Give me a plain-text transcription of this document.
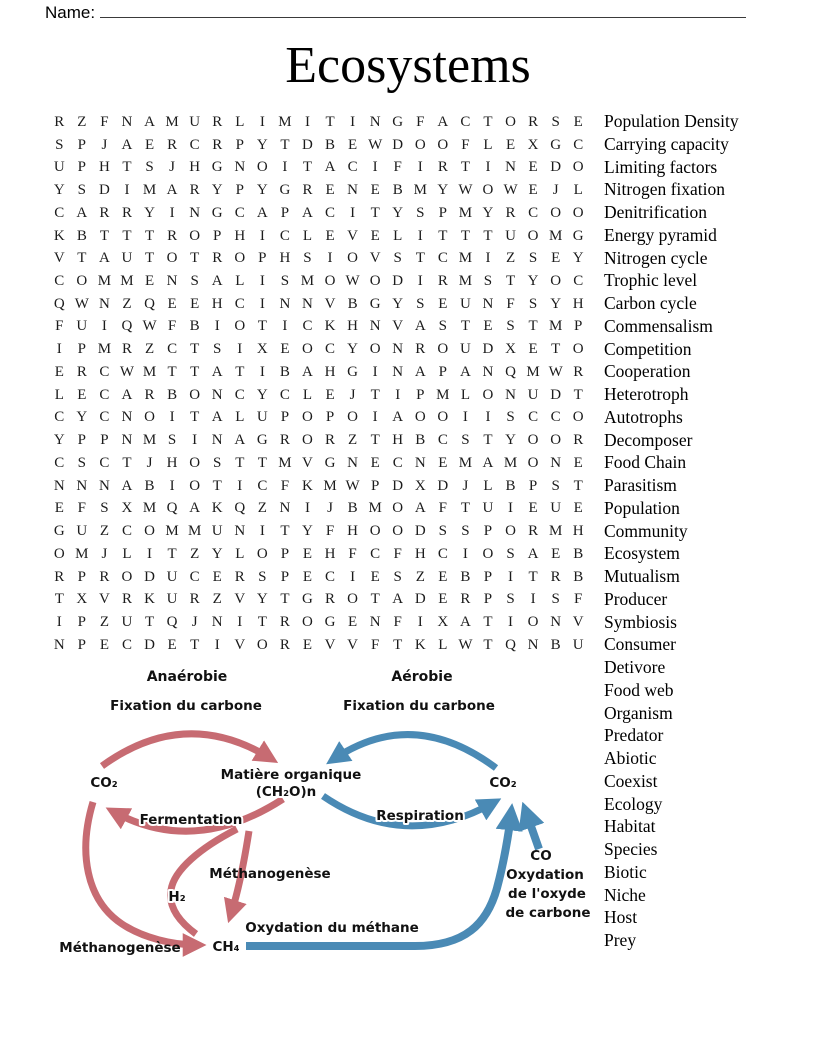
Name:
Ecosystems
R Z F N A M U R L	I M I	T	I N G F A C T O R S E
S P	J A E R C R P Y T D B E W D O O F L E X G C
U P H T S	J H G N O I	T A C	I	F	I	R T	I N E D O
Y S D I M A R Y P Y G R E N E B M Y W O W E	J	L
C A R R Y I N G C A P A C	I	T Y S P M Y R C O O
K B T T T R O P H I	C L E V E L	I	T T T U O M G
V T A U T O T R O P H S	I O V S T C M I	Z S E Y
C O M M E N S A L	I	S M O W O D I	R M S T Y O C
Q W N Z Q E E H C	I N N V B G Y S E U N F S Y H
F U I Q W F B	I O T	I	C K H N V A S T E S T M P
I	P M R Z C T S	I X E O C Y O N R O U D X E T O
E R C W M T T A T	I	B A H G I N A P A N Q M W R
L E C A R B O N C Y C L E	J	T	I	P M L O N U D T
C Y C N O I	T A L U P O P O I A O O I	I	S C C O
Y P P N M S	I N A G R O R Z T H B C S T Y O O R
C S C T	J H O S T T M V G N E C N E M A M O N E
N N N A B	I O T	I	C F K M W P D X D J	L B P S T
E F S X M Q A K Q Z N I	J B M O A F T U I	E U E
G U Z C O M M U N I	T Y F H O O D S S P O R M H
O M J	L	I	T Z Y L O P E H F C F H C	I O S A E B
R P R O D U C E R S P E C	I	E S Z E B P	I	T R B
T X V R K U R Z V Y T G R O T A D E R P S	I	S F
I	P Z U T Q J N I	T R O G E N F	I X A T	I O N V
N P E C D E T	I V O R E V V F T K L W T Q N B U
Population Density
Carrying capacity
Limiting factors
Nitrogen fixation
Denitrification
Energy pyramid
Nitrogen cycle
Trophic level
Carbon cycle
Commensalism
Competition
Cooperation
Heterotroph
Autotrophs
Decomposer
Food Chain
Parasitism
Population
Community
Ecosystem
Mutualism
Producer
Symbiosis
Consumer
Detivore
Food web
Organism
Predator
Abiotic
Coexist
Ecology
Habitat
Species
Biotic
Niche
Host
Prey
Anaérobie	Aérobie
Fixation du carbone	Fixation du carbone
CO₂	CO₂
Matière organique
(CH₂O)n
Fermentation	Respiration
Méthanogenèse
H₂
Méthanogenèse CH₄
Oxydation du méthane
CO
Oxydation
de l'oxyde
de carbone
